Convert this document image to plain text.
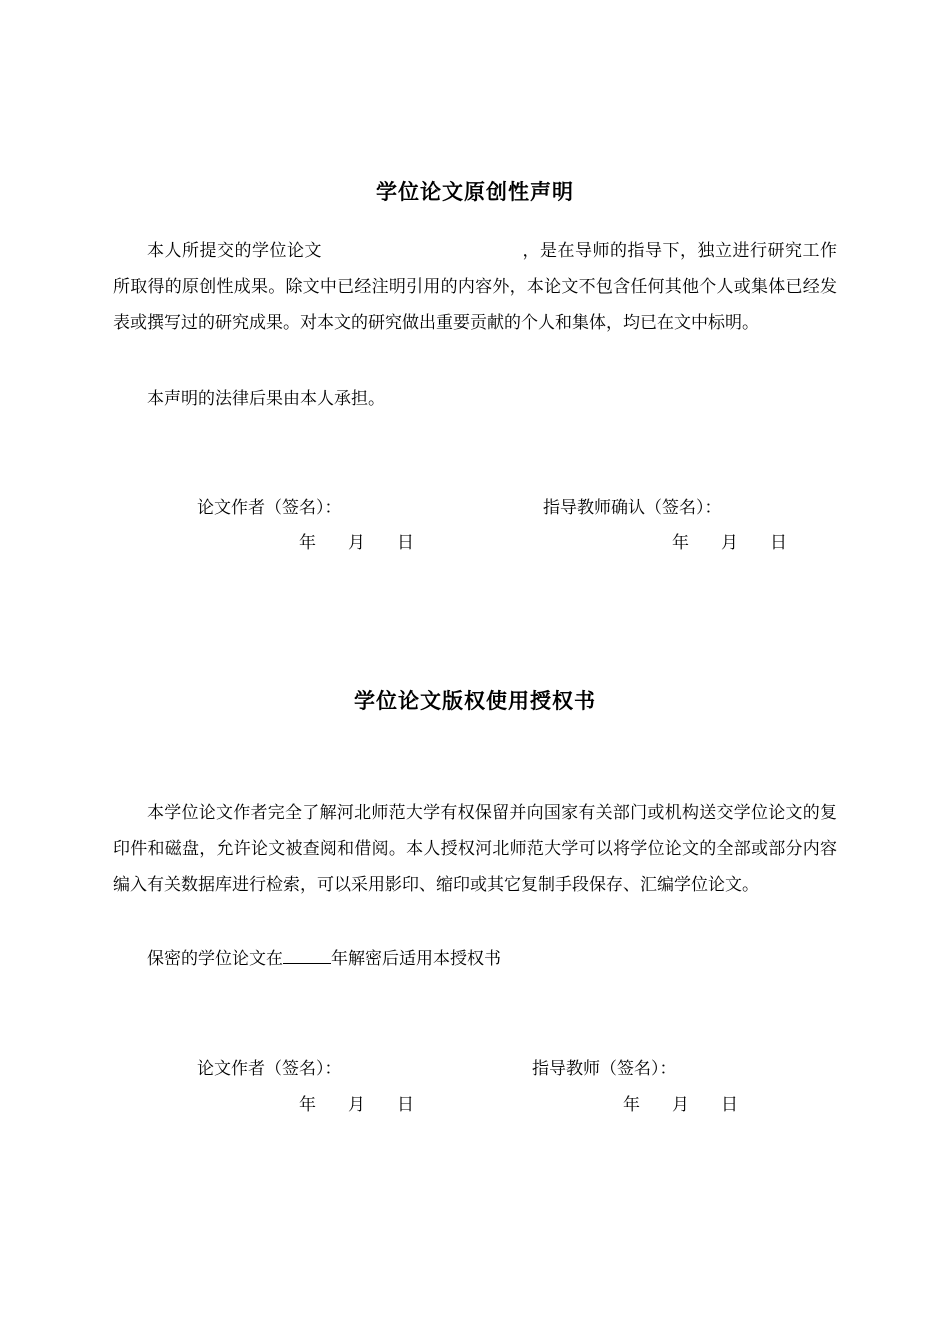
学位论文原创性声明

本人所提交的学位论文	，是在导师的指导下，独立进行研究工作所取得的原创性成果。除文中已经注明引用的内容外，本论文不包含任何其他个人或集体已经发表或撰写过的研究成果。对本文的研究做出重要贡献的个人和集体，均已在文中标明。

本声明的法律后果由本人承担。

论文作者（签名）：	指导教师确认（签名）：
年 月 日	年 月 日
学位论文版权使用授权书

本学位论文作者完全了解河北师范大学有权保留并向国家有关部门或机构送交学位论文的复印件和磁盘，允许论文被查阅和借阅。本人授权河北师范大学可以将学位论文的全部或部分内容编入有关数据库进行检索，可以采用影印、缩印或其它复制手段保存、汇编学位论文。

保密的学位论文在	年解密后适用本授权书

论文作者（签名）：	指导教师（签名）：
年 月 日	年 月 日
